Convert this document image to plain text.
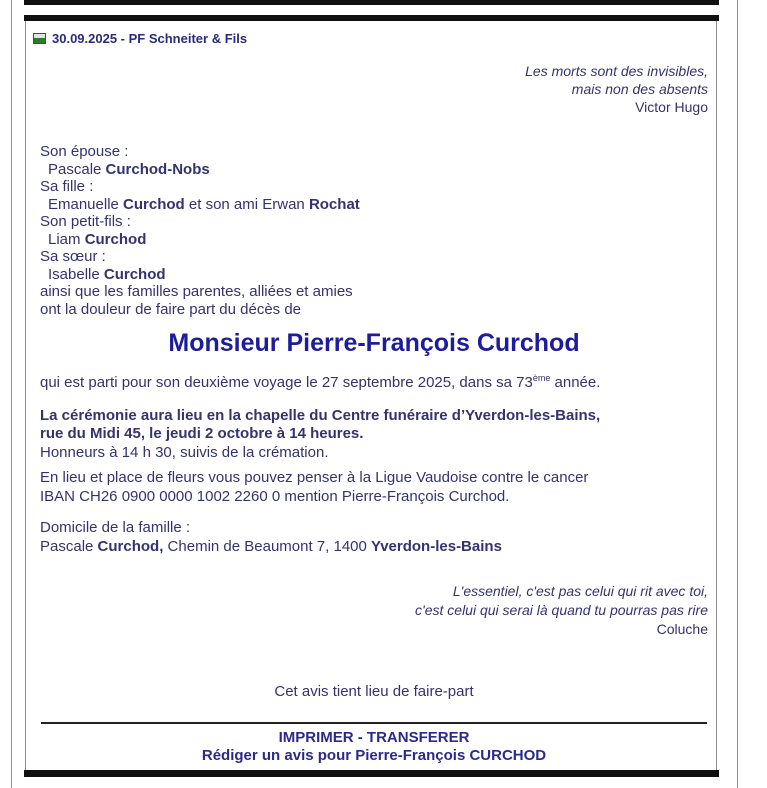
30.09.2025 - PF Schneiter & Fils
Les morts sont des invisibles,
mais non des absents
Victor Hugo
Son épouse :
Pascale Curchod-Nobs
Sa fille :
Emanuelle Curchod et son ami Erwan Rochat
Son petit-fils :
Liam Curchod
Sa sœur :
Isabelle Curchod
ainsi que les familles parentes, alliées et amies
ont la douleur de faire part du décès de
Monsieur Pierre-François Curchod
qui est parti pour son deuxième voyage le 27 septembre 2025, dans sa 73ème année.
La cérémonie aura lieu en la chapelle du Centre funéraire d’Yverdon-les-Bains,
rue du Midi 45, le jeudi 2 octobre à 14 heures.
Honneurs à 14 h 30, suivis de la crémation.
En lieu et place de fleurs vous pouvez penser à la Ligue Vaudoise contre le cancer
IBAN CH26 0900 0000 1002 2260 0 mention Pierre-François Curchod.
Domicile de la famille :
Pascale Curchod, Chemin de Beaumont 7, 1400 Yverdon-les-Bains
L'essentiel, c'est pas celui qui rit avec toi,
c'est celui qui serai là quand tu pourras pas rire
Coluche
Cet avis tient lieu de faire-part
IMPRIMER - TRANSFERER
Rédiger un avis pour Pierre-François CURCHOD
